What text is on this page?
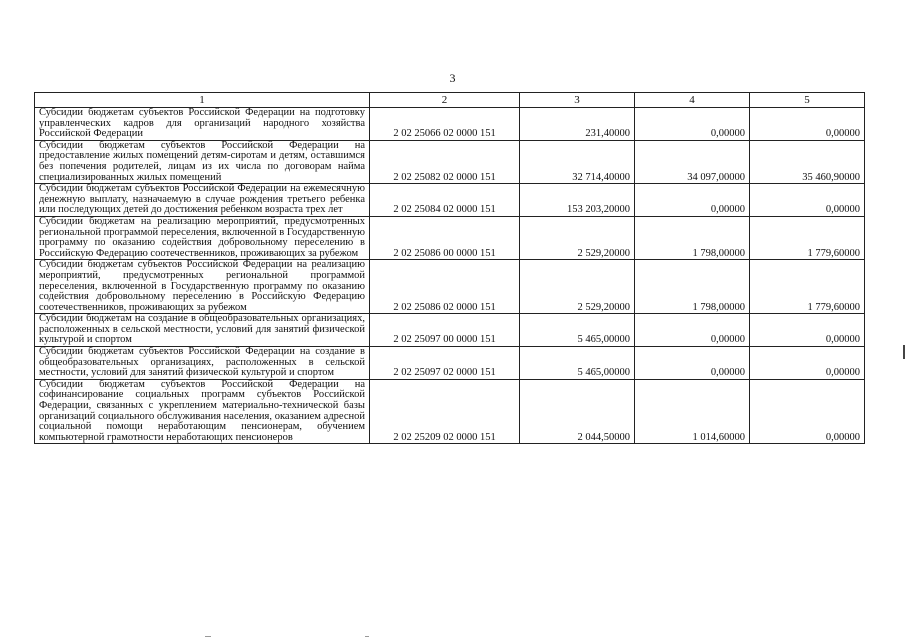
3
1	2	3	4	5
Субсидии бюджетам субъектов Российской Федерации на подготовку управленческих кадров для организаций народного хозяйства Российской Федерации	2 02 25066 02 0000 151	231,40000	0,00000	0,00000
Субсидии бюджетам субъектов Российской Федерации на предоставление жилых помещений детям-сиротам и детям, оставшимся без попечения родителей, лицам из их числа по договорам найма специализированных жилых помещений	2 02 25082 02 0000 151	32 714,40000	34 097,00000	35 460,90000
Субсидии бюджетам субъектов Российской Федерации на ежемесячную денежную выплату, назначаемую в случае рождения третьего ребенка или последующих детей до достижения ребенком возраста трех лет	2 02 25084 02 0000 151	153 203,20000	0,00000	0,00000
Субсидии бюджетам на реализацию мероприятий, предусмотренных региональной программой переселения, включенной в Государственную программу по оказанию содействия добровольному переселению в Российскую Федерацию соотечественников, проживающих за рубежом	2 02 25086 00 0000 151	2 529,20000	1 798,00000	1 779,60000
Субсидии бюджетам субъектов Российской Федерации на реализацию мероприятий, предусмотренных региональной программой переселения, включенной в Государственную программу по оказанию содействия добровольному переселению в Российскую Федерацию соотечественников, проживающих за рубежом	2 02 25086 02 0000 151	2 529,20000	1 798,00000	1 779,60000
Субсидии бюджетам на создание в общеобразовательных организациях, расположенных в сельской местности, условий для занятий физической культурой и спортом	2 02 25097 00 0000 151	5 465,00000	0,00000	0,00000
Субсидии бюджетам субъектов Российской Федерации на создание в общеобразовательных организациях, расположенных в сельской местности, условий для занятий физической культурой и спортом	2 02 25097 02 0000 151	5 465,00000	0,00000	0,00000
Субсидии бюджетам субъектов Российской Федерации на софинансирование социальных программ субъектов Российской Федерации, связанных с укреплением материально-технической базы организаций социального обслуживания населения, оказанием адресной социальной помощи неработающим пенсионерам, обучением компьютерной грамотности неработающих пенсионеров	2 02 25209 02 0000 151	2 044,50000	1 014,60000	0,00000
